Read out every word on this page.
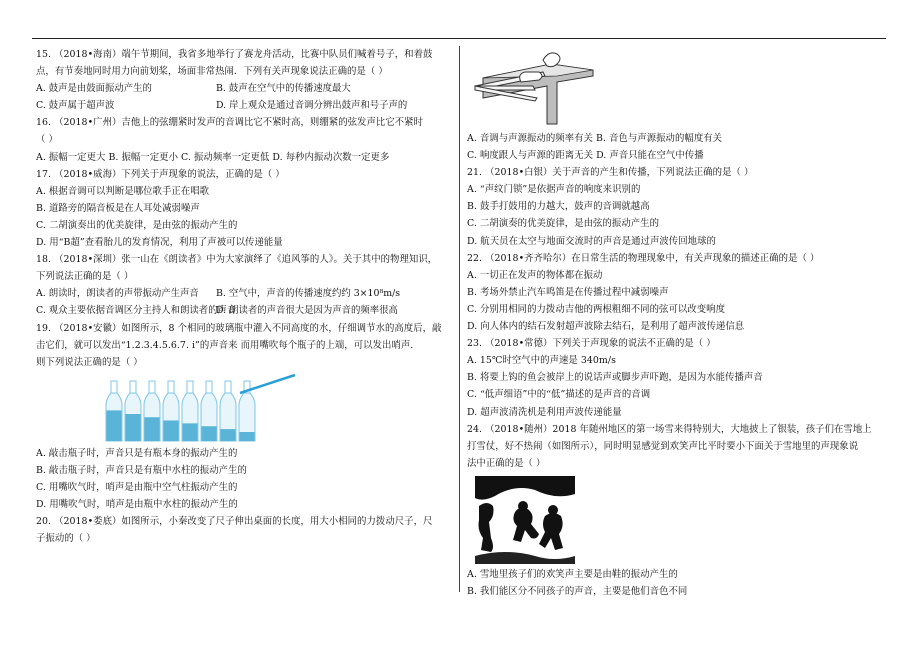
15. （2018•海南）端午节期间，我省多地举行了赛龙舟活动，比赛中队员们喊着号子，和着鼓
点，有节奏地同时用力向前划桨，场面非常热闹．下列有关声现象说法正确的是（ ）
A. 鼓声是由鼓面振动产生的	B. 鼓声在空气中的传播速度最大
C. 鼓声属于超声波	D. 岸上观众是通过音调分辨出鼓声和号子声的
16. （2018•广州）吉他上的弦绷紧时发声的音调比它不紧时高，则绷紧的弦发声比它不紧时
（ ）
A. 振幅一定更大 B. 振幅一定更小 C. 振动频率一定更低 D. 每秒内振动次数一定更多
17. （2018•威海）下列关于声现象的说法，正确的是（ ）
A. 根据音调可以判断是哪位歌手正在唱歌
B. 道路旁的隔音板是在人耳处减弱噪声
C. 二胡演奏出的优美旋律，是由弦的振动产生的
D. 用“B超”查看胎儿的发育情况，利用了声被可以传递能量
18. （2018•深圳）张一山在《朗读者》中为大家演绎了《追风筝的人》。关于其中的物理知识，
下列说法正确的是（ ）
A. 朗读时，朗读者的声带振动产生声音	B. 空气中，声音的传播速度约约 3×10⁸m/s
C. 观众主要依据音调区分主持人和朗读者的声音
D. 朗读者的声音很大是因为声音的频率很高
19. （2018•安徽）如图所示，8 个相同的玻璃瓶中灌入不同高度的水，仔细调节水的高度后，敲
击它们，就可以发出“1.2.3.4.5.6.7. i”的声音来 而用嘴吹每个瓶子的上端，可以发出哨声.
则下列说法正确的是（ ）
A. 敲击瓶子时，声音只是有瓶本身的振动产生的
B. 敲击瓶子时，声音只是有瓶中水柱的振动产生的
C. 用嘴吹气时，哨声是由瓶中空气柱振动产生的
D. 用嘴吹气时，哨声是由瓶中水柱的振动产生的
20. （2018•娄底）如图所示，小秦改变了尺子伸出桌面的长度，用大小相同的力拨动尺子，尺
子振动的（ ）
A. 音调与声源振动的频率有关 B. 音色与声源振动的幅度有关
C. 响度跟人与声源的距离无关 D. 声音只能在空气中传播
21. （2018•白银）关于声音的产生和传播，下列说法正确的是（ ）
A. “声纹门锁”是依据声音的响度来识别的
B. 鼓手打鼓用的力越大，鼓声的音调就越高
C. 二胡演奏的优美旋律，是由弦的振动产生的
D. 航天员在太空与地面交流时的声音是通过声波传回地球的
22. （2018•齐齐哈尔）在日常生活的物理现象中，有关声现象的描述正确的是（ ）
A. 一切正在发声的物体都在振动
B. 考场外禁止汽车鸣笛是在传播过程中减弱噪声
C. 分别用相同的力拨动吉他的两根粗细不同的弦可以改变响度
D. 向人体内的结石发射超声波除去结石，是利用了超声波传递信息
23. （2018•常德）下列关于声现象的说法不正确的是（ ）
A. 15℃时空气中的声速是 340m/s
B. 将要上钩的鱼会被岸上的说话声或脚步声吓跑，是因为水能传播声音
C. “低声细语”中的“低”描述的是声音的音调
D. 超声波清洗机是利用声波传递能量
24. （2018•随州）2018 年随州地区的第一场雪来得特别大，大地披上了银装，孩子们在雪地上
打雪仗，好不热闹（如图所示），同时明显感觉到欢笑声比平时要小下面关于雪地里的声现象说
法中正确的是（ ）
A. 雪地里孩子们的欢笑声主要是由鞋的振动产生的
B. 我们能区分不同孩子的声音，主要是他们音色不同
